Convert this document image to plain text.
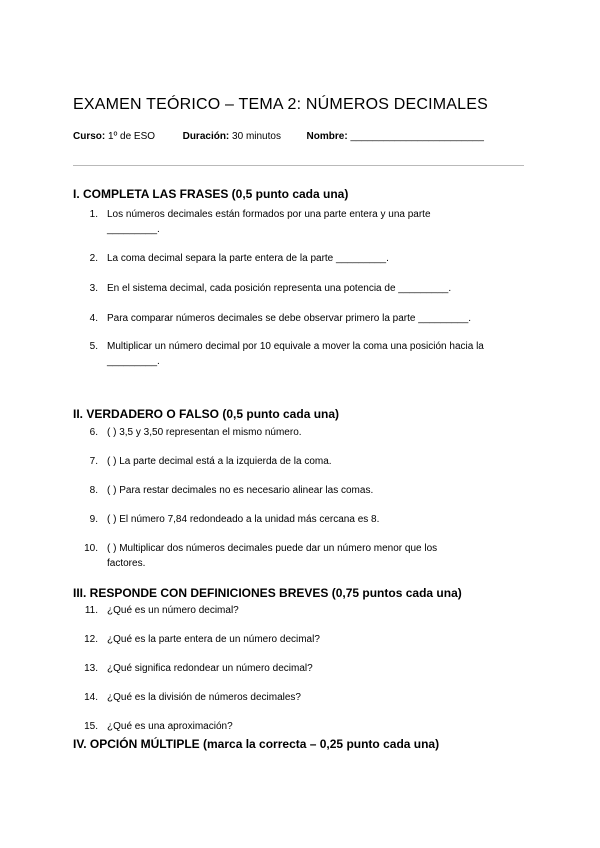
EXAMEN TEÓRICO – TEMA 2: NÚMEROS DECIMALES
Curso: 1º de ESO	Duración: 30 minutos	Nombre: ________________________
I. COMPLETA LAS FRASES (0,5 punto cada una)
1. Los números decimales están formados por una parte entera y una parte
_________.
2. La coma decimal separa la parte entera de la parte _________.
3. En el sistema decimal, cada posición representa una potencia de _________.
4. Para comparar números decimales se debe observar primero la parte _________.
5. Multiplicar un número decimal por 10 equivale a mover la coma una posición hacia la
_________.
II. VERDADERO O FALSO (0,5 punto cada una)
6. ( ) 3,5 y 3,50 representan el mismo número.
7. ( ) La parte decimal está a la izquierda de la coma.
8. ( ) Para restar decimales no es necesario alinear las comas.
9. ( ) El número 7,84 redondeado a la unidad más cercana es 8.
10. ( ) Multiplicar dos números decimales puede dar un número menor que los
factores.
III. RESPONDE CON DEFINICIONES BREVES (0,75 puntos cada una)
11. ¿Qué es un número decimal?
12. ¿Qué es la parte entera de un número decimal?
13. ¿Qué significa redondear un número decimal?
14. ¿Qué es la división de números decimales?
15. ¿Qué es una aproximación?
IV. OPCIÓN MÚLTIPLE (marca la correcta – 0,25 punto cada una)
